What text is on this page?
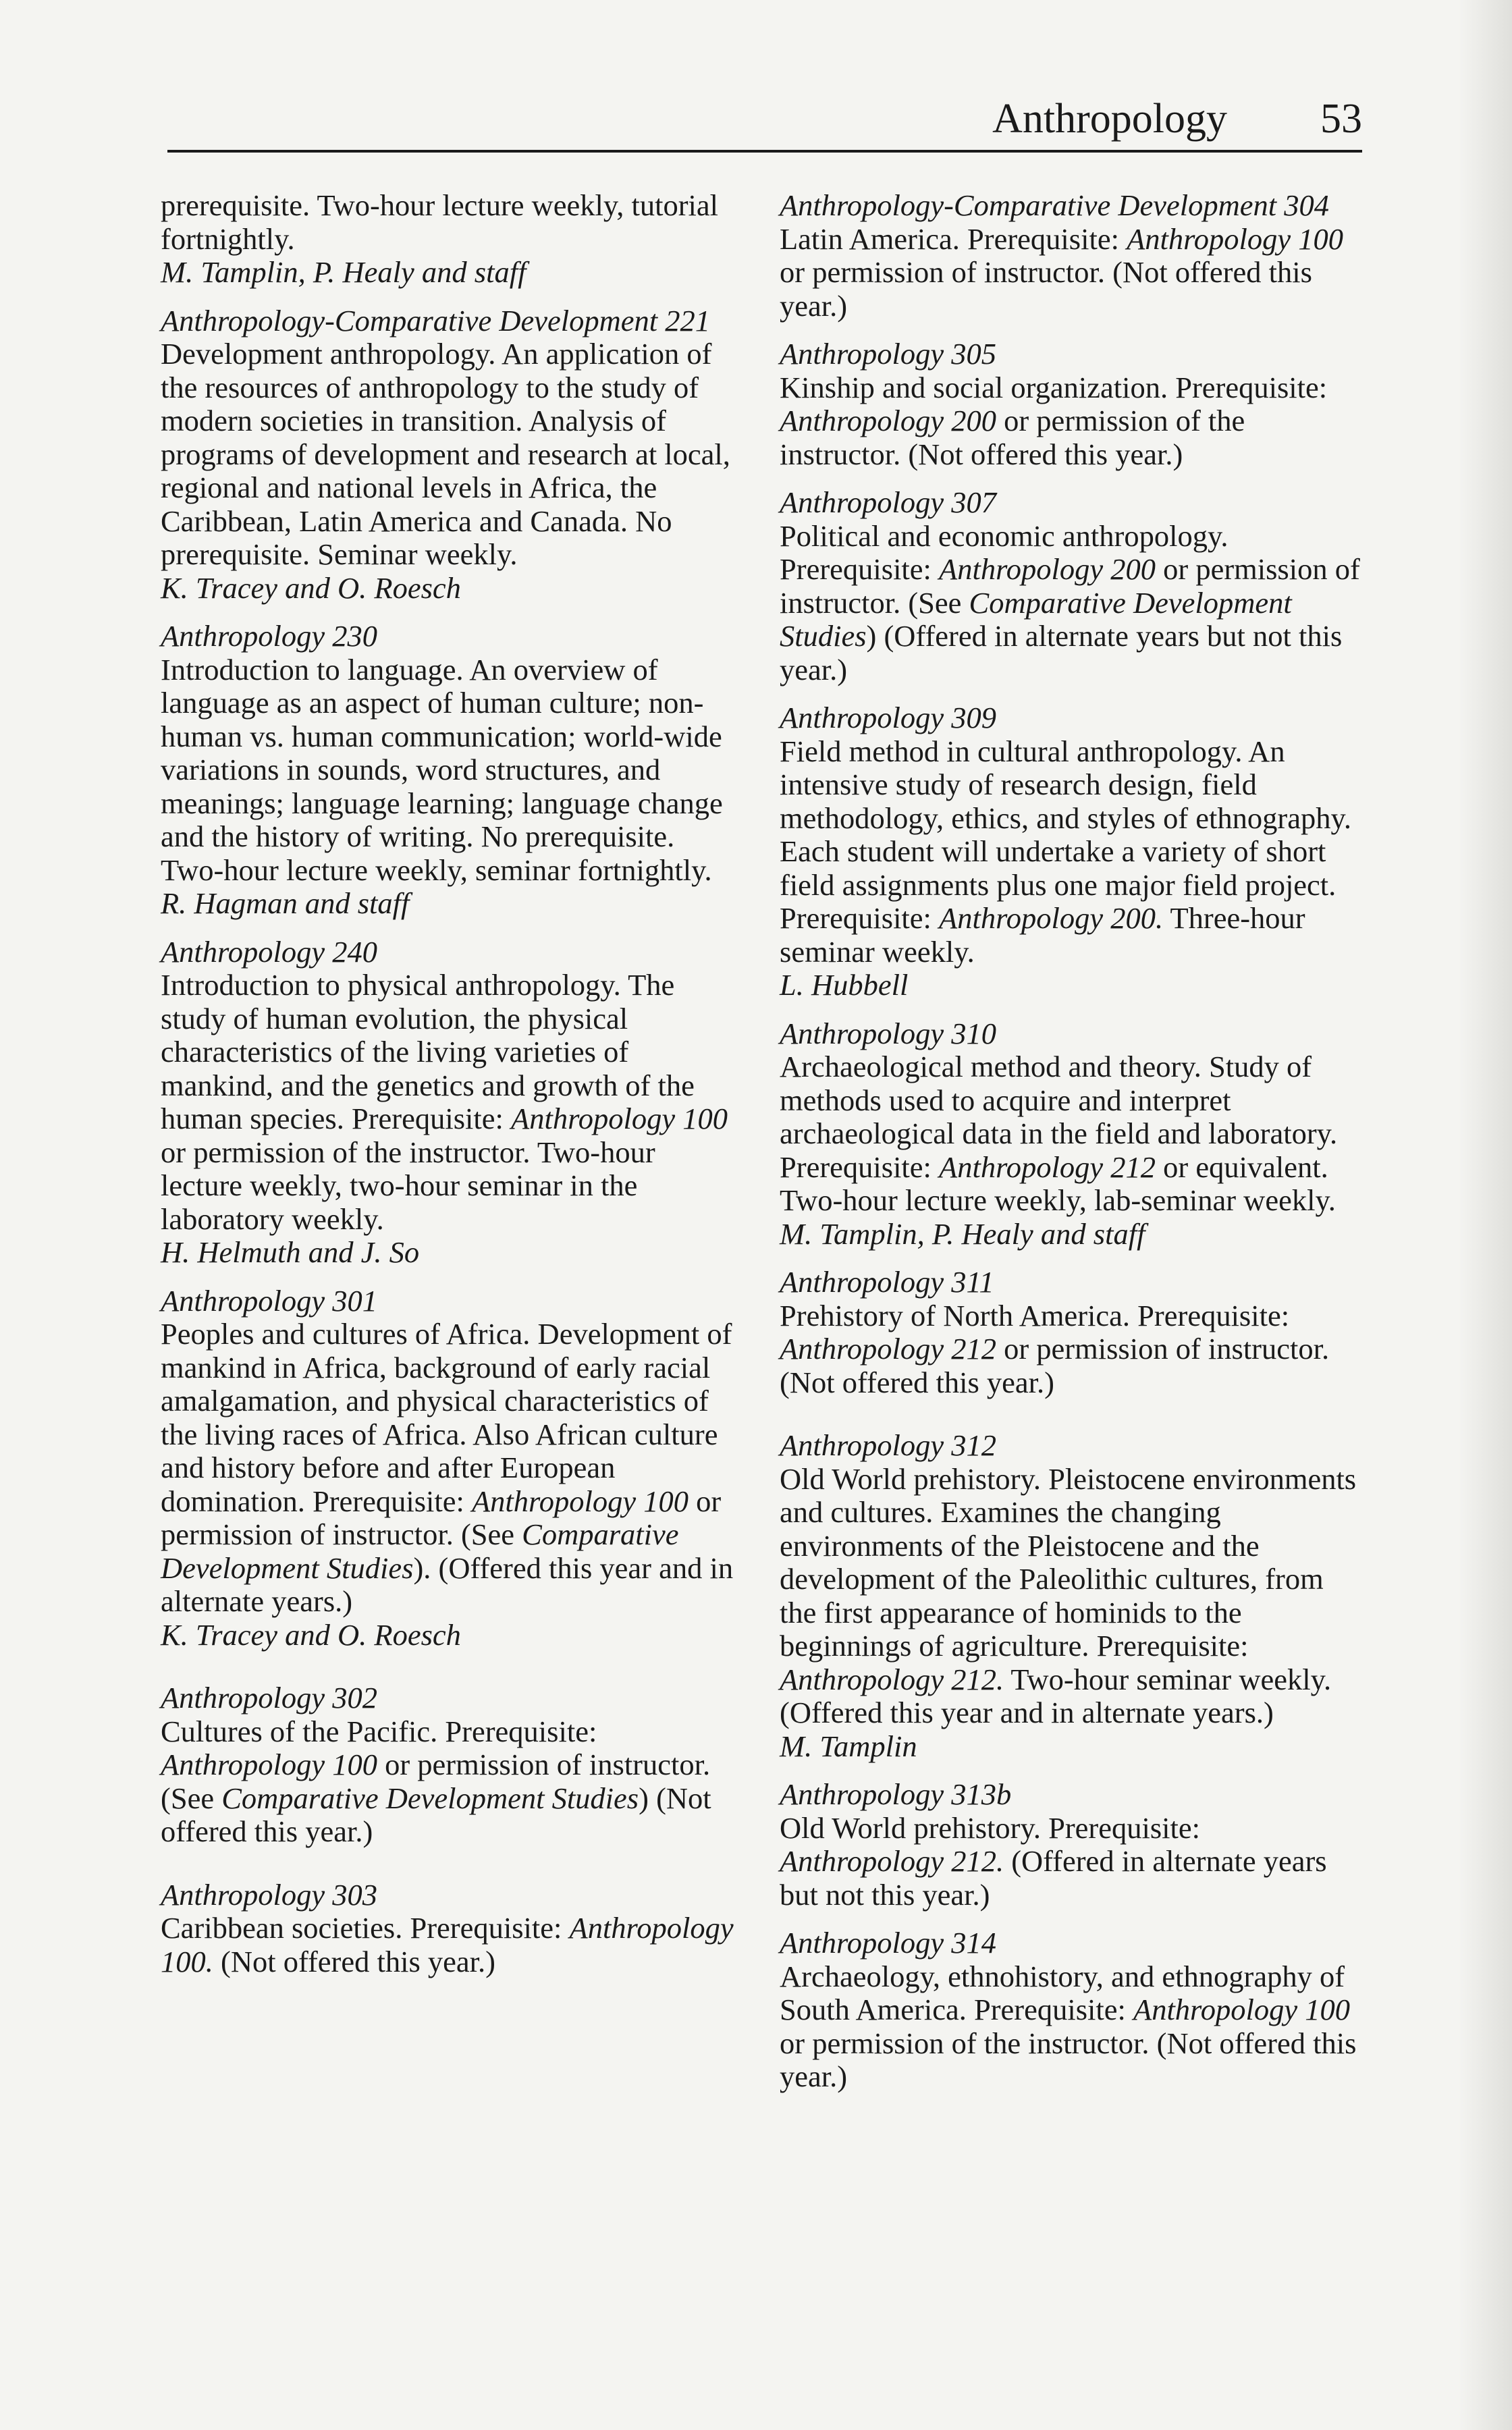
Anthropology 53
prerequisite. Two-hour lecture weekly, tutorial fortnightly.
M. Tamplin, P. Healy and staff
Anthropology-Comparative Development 221
Development anthropology. An application of the resources of anthropology to the study of modern societies in transition. Analysis of programs of development and research at local, regional and national levels in Africa, the Caribbean, Latin America and Canada. No prerequisite. Seminar weekly.
K. Tracey and O. Roesch
Anthropology 230
Introduction to language. An overview of language as an aspect of human culture; non-human vs. human communication; world-wide variations in sounds, word structures, and meanings; language learning; language change and the history of writing. No prerequisite. Two-hour lecture weekly, seminar fortnightly.
R. Hagman and staff
Anthropology 240
Introduction to physical anthropology. The study of human evolution, the physical characteristics of the living varieties of mankind, and the genetics and growth of the human species. Prerequisite: Anthropology 100 or permission of the instructor. Two-hour lecture weekly, two-hour seminar in the laboratory weekly.
H. Helmuth and J. So
Anthropology 301
Peoples and cultures of Africa. Development of mankind in Africa, background of early racial amalgamation, and physical characteristics of the living races of Africa. Also African culture and history before and after European domination. Prerequisite: Anthropology 100 or permission of instructor. (See Comparative Development Studies). (Offered this year and in alternate years.)
K. Tracey and O. Roesch
Anthropology 302
Cultures of the Pacific. Prerequisite: Anthropology 100 or permission of instructor. (See Comparative Development Studies) (Not offered this year.)
Anthropology 303
Caribbean societies. Prerequisite: Anthropology 100. (Not offered this year.)
Anthropology-Comparative Development 304
Latin America. Prerequisite: Anthropology 100 or permission of instructor. (Not offered this year.)
Anthropology 305
Kinship and social organization. Prerequisite: Anthropology 200 or permission of the instructor. (Not offered this year.)
Anthropology 307
Political and economic anthropology. Prerequisite: Anthropology 200 or permission of instructor. (See Comparative Development Studies) (Offered in alternate years but not this year.)
Anthropology 309
Field method in cultural anthropology. An intensive study of research design, field methodology, ethics, and styles of ethnography. Each student will undertake a variety of short field assignments plus one major field project. Prerequisite: Anthropology 200. Three-hour seminar weekly.
L. Hubbell
Anthropology 310
Archaeological method and theory. Study of methods used to acquire and interpret archaeological data in the field and laboratory. Prerequisite: Anthropology 212 or equivalent. Two-hour lecture weekly, lab-seminar weekly.
M. Tamplin, P. Healy and staff
Anthropology 311
Prehistory of North America. Prerequisite: Anthropology 212 or permission of instructor. (Not offered this year.)
Anthropology 312
Old World prehistory. Pleistocene environments and cultures. Examines the changing environments of the Pleistocene and the development of the Paleolithic cultures, from the first appearance of hominids to the beginnings of agriculture. Prerequisite: Anthropology 212. Two-hour seminar weekly. (Offered this year and in alternate years.)
M. Tamplin
Anthropology 313b
Old World prehistory. Prerequisite: Anthropology 212. (Offered in alternate years but not this year.)
Anthropology 314
Archaeology, ethnohistory, and ethnography of South America. Prerequisite: Anthropology 100 or permission of the instructor. (Not offered this year.)
